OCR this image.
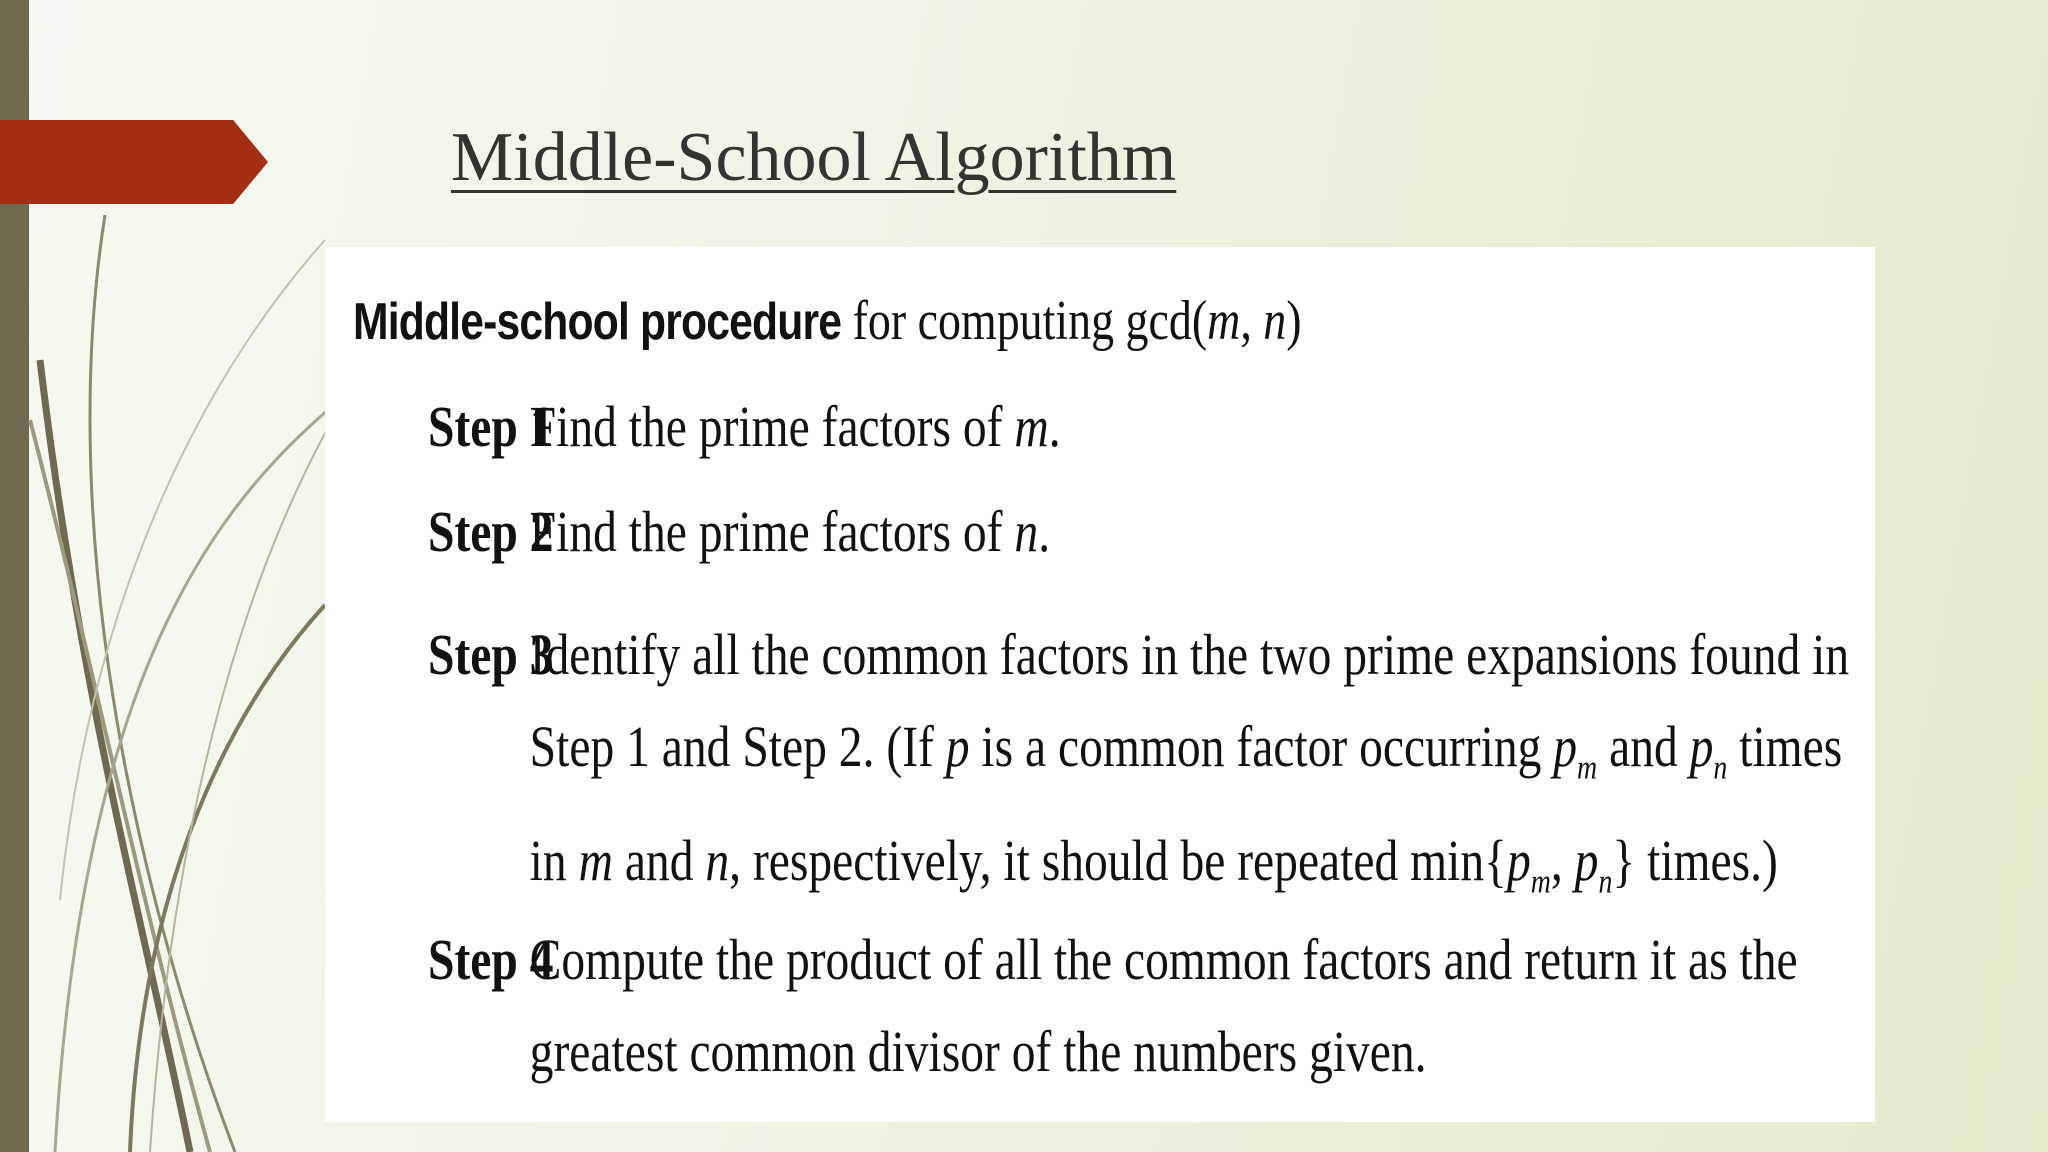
Middle-School Algorithm
Middle-school procedure for computing gcd(m, n)
Step 1
Find the prime factors of m.
Step 2
Find the prime factors of n.
Step 3
Identify all the common factors in the two prime expansions found in
Step 1 and Step 2. (If p is a common factor occurring $p_m$ and $p_n$ times
in m and n, respectively, it should be repeated $\min\{p_m$, $p_n$} times.)
Step 4
Compute the product of all the common factors and return it as the
greatest common divisor of the numbers given.
